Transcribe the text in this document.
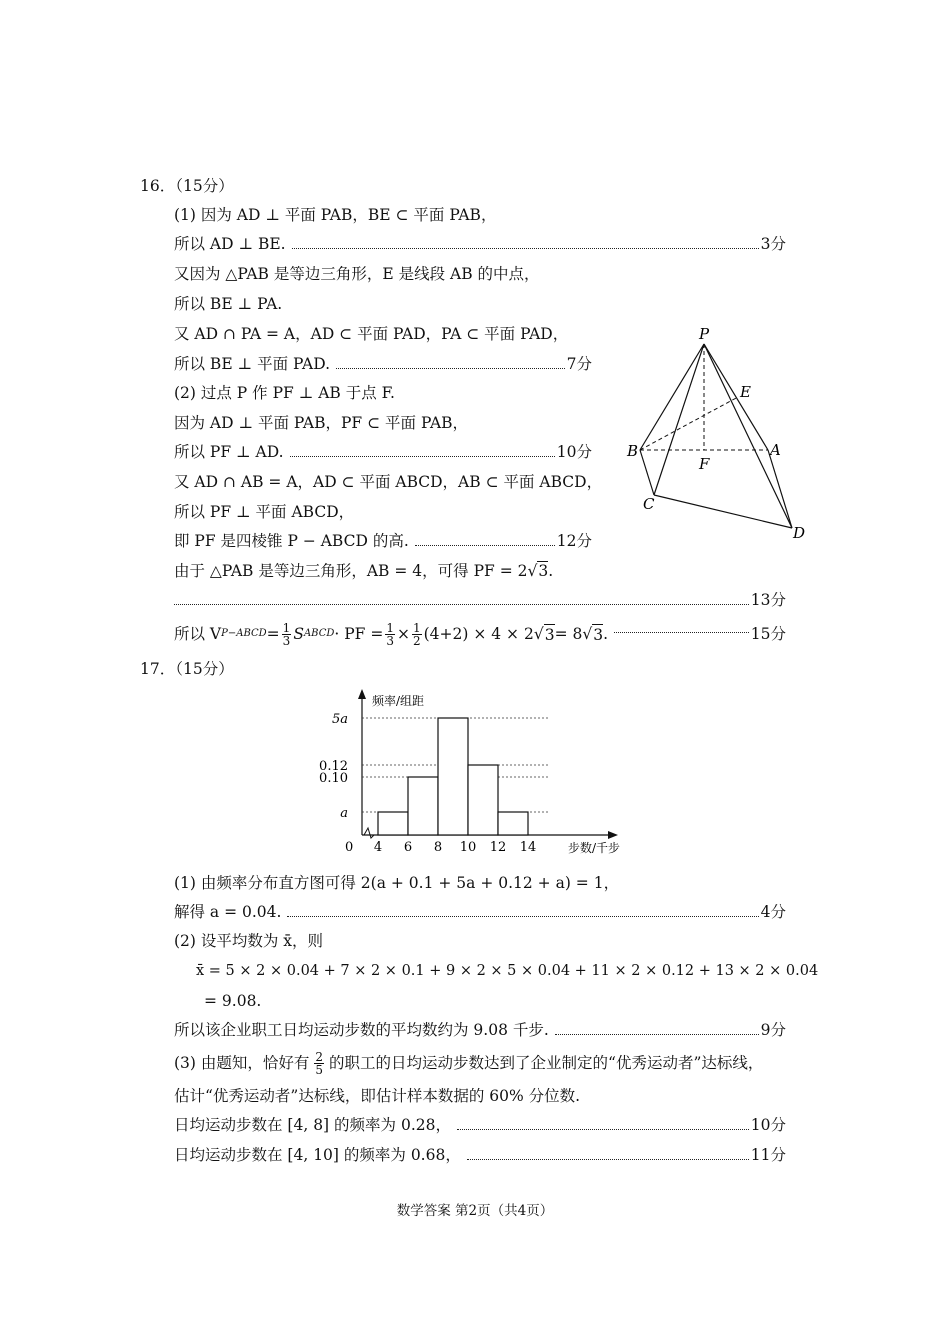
16．（15分）
(1) 因为 AD ⊥ 平面 PAB，BE ⊂ 平面 PAB，
所以 AD ⊥ BE.	3分
又因为 △PAB 是等边三角形，E 是线段 AB 的中点，
所以 BE ⊥ PA.
又 AD ∩ PA = A，AD ⊂ 平面 PAD，PA ⊂ 平面 PAD，
所以 BE ⊥ 平面 PAD.	7分
(2) 过点 P 作 PF ⊥ AB 于点 F.
因为 AD ⊥ 平面 PAB，PF ⊂ 平面 PAB，
所以 PF ⊥ AD.	10分
又 AD ∩ AB = A，AD ⊂ 平面 ABCD，AB ⊂ 平面 ABCD，
所以 PF ⊥ 平面 ABCD，
即 PF 是四棱锥 P − ABCD 的高.	12分
由于 △PAB 是等边三角形，AB = 4，可得 PF = 2√3.
13分
所以 V P−ABCD = $\frac{1}{3}$ S ABCD · PF = $\frac{1}{3} \times \frac{1}{2} (4+2) \times 4 \times 2$ √ 3 = 8 √ 3 .	15分
P
E
B	A
F
C
D
17．（15分）
5a
0.12
0.10
a
4 6 8 10 12 14
0
频率/组距
步数/千步
(1) 由频率分布直方图可得 2(a + 0.1 + 5a + 0.12 + a) = 1，
解得 a = 0.04.	4分
(2) 设平均数为 x̄，则
x̄ = 5 × 2 × 0.04 + 7 × 2 × 0.1 + 9 × 2 × 5 × 0.04 + 11 × 2 × 0.12 + 13 × 2 × 0.04
= 9.08.
所以该企业职工日均运动步数的平均数约为 9.08 千步.	9分
(3) 由题知，恰好有 $\frac{2}{5}$ 的职工的日均运动步数达到了企业制定的“优秀运动者”达标线，
估计“优秀运动者”达标线，即估计样本数据的 60% 分位数.
日均运动步数在 [4, 8] 的频率为 0.28，	10分
日均运动步数在 [4, 10] 的频率为 0.68，	11分
数学答案 第2页（共4页）
